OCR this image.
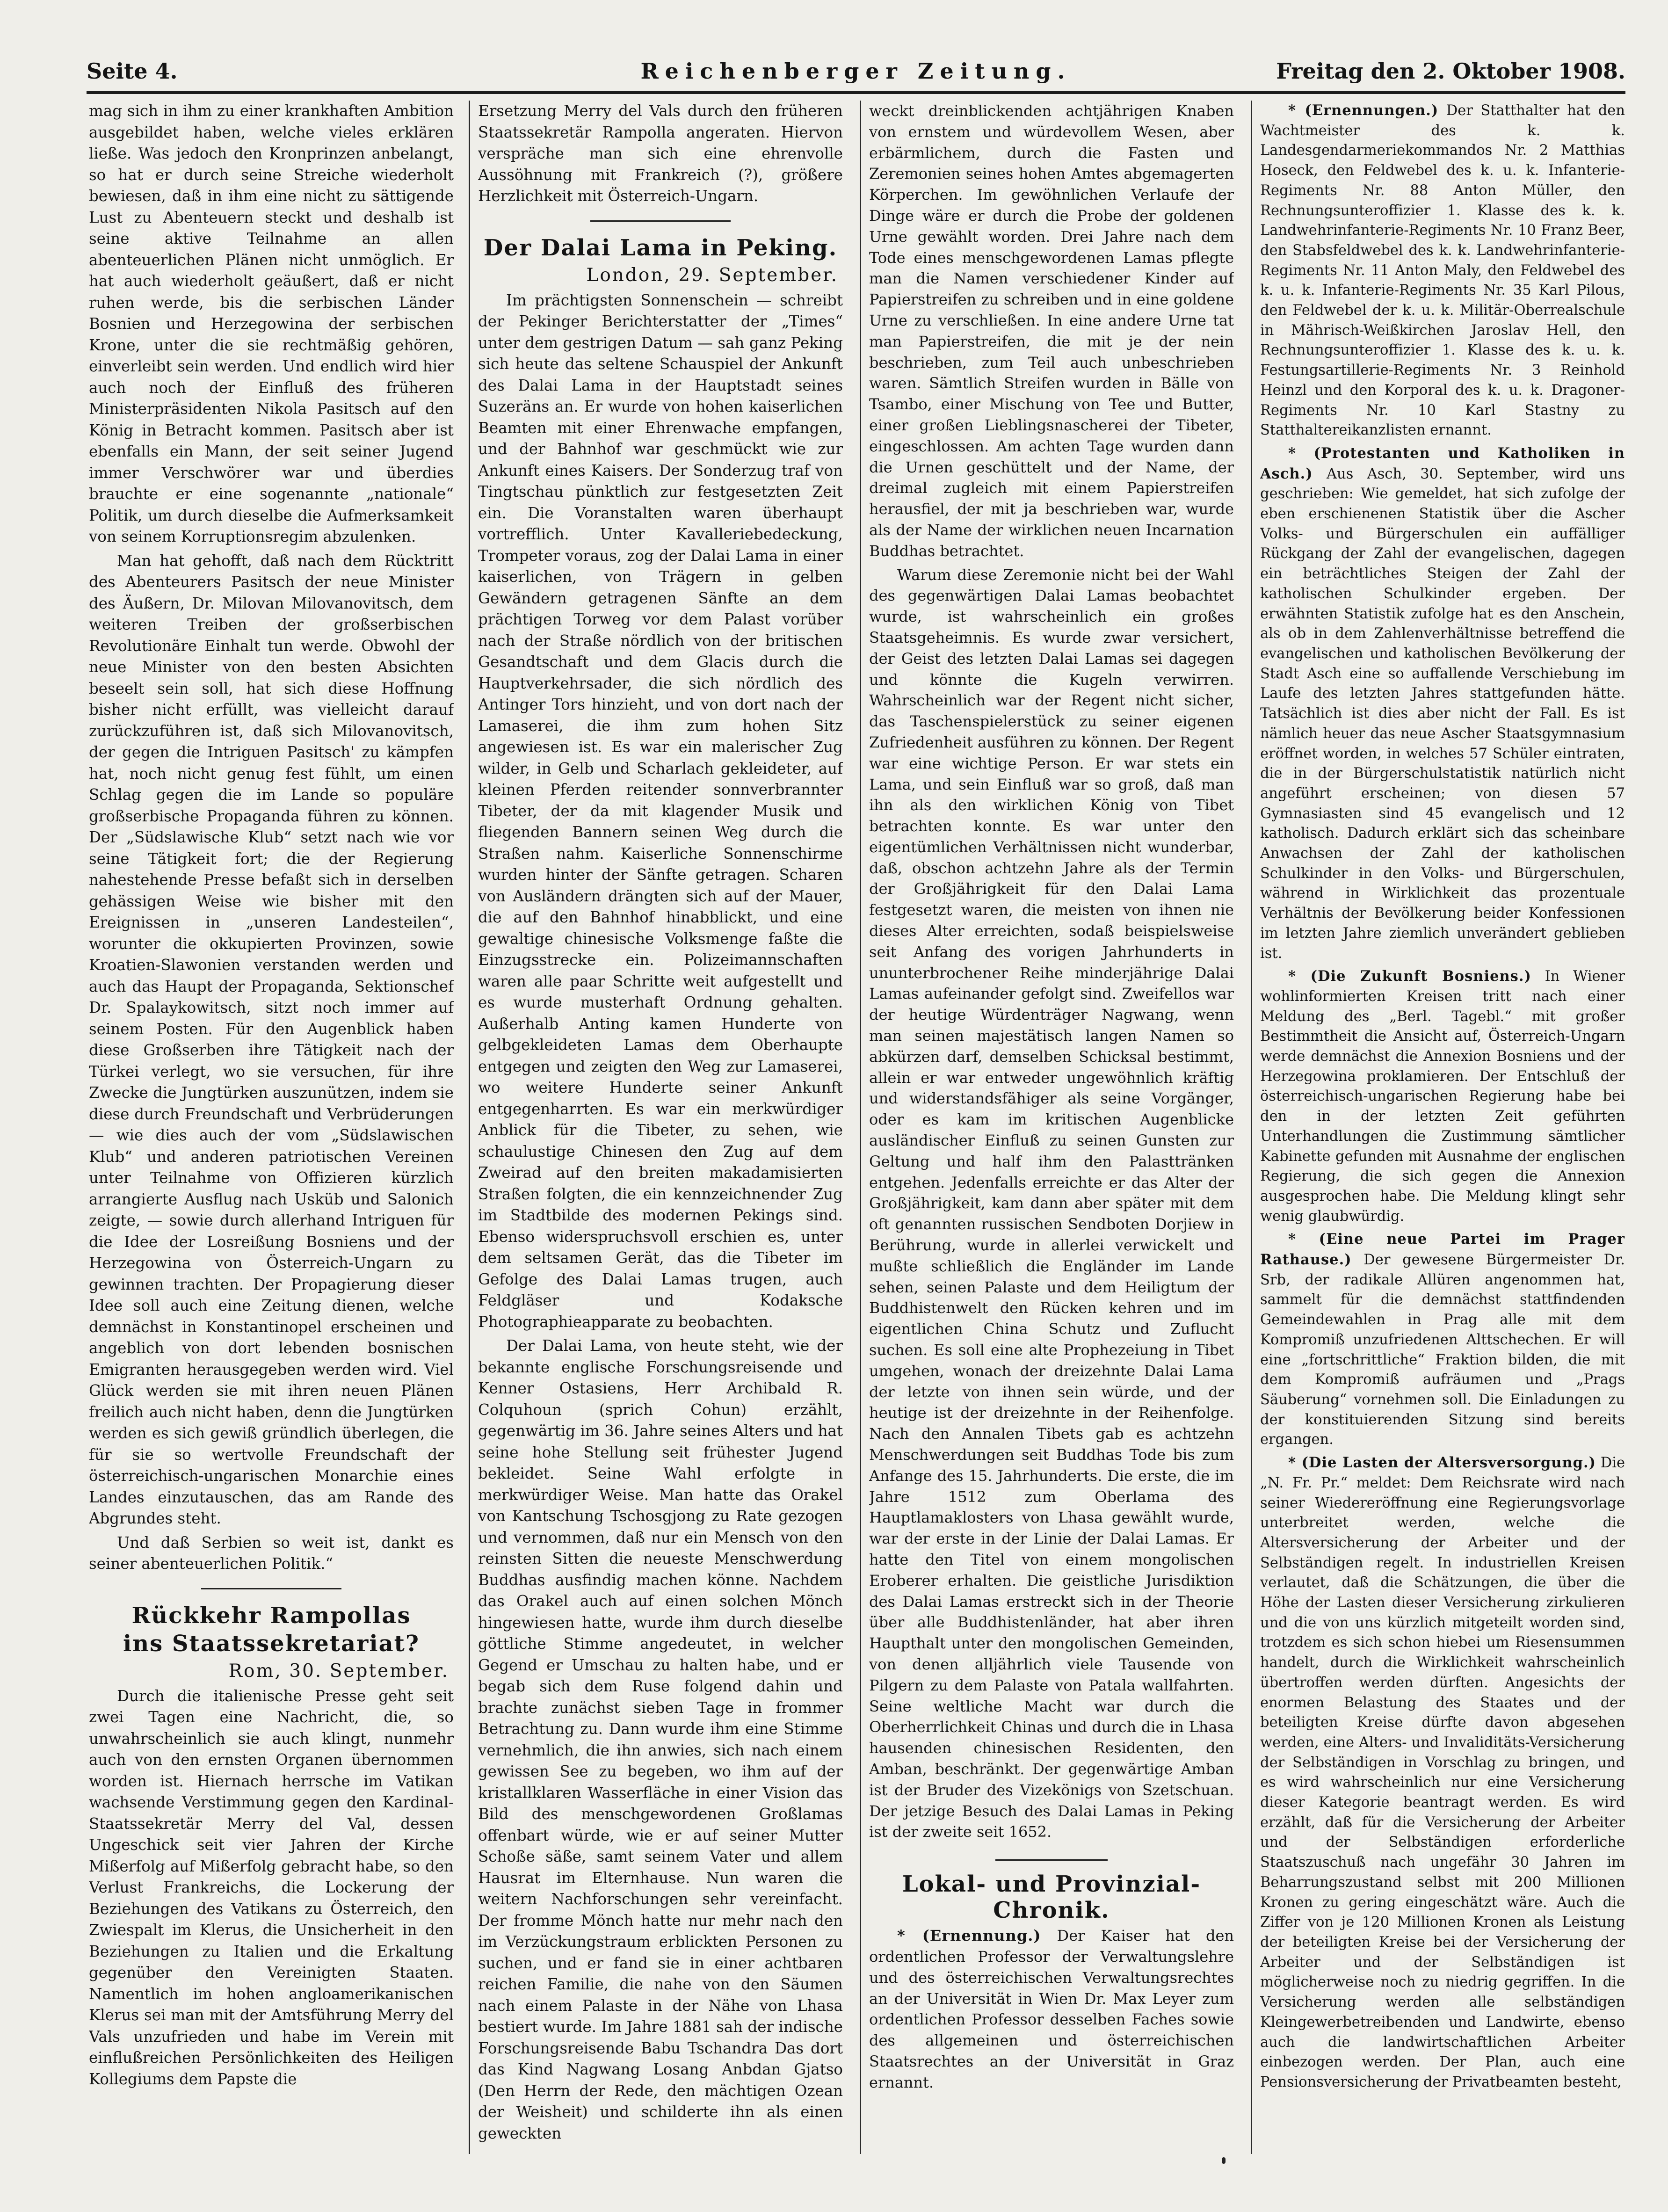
Seite 4.	Reichenberger Zeitung.	Freitag den 2. Oktober 1908.

mag sich in ihm zu einer krankhaften Ambition ausgebildet haben, welche vieles erklären ließe. Was jedoch den Kronprinzen anbelangt, so hat er durch seine Streiche wiederholt bewiesen, daß in ihm eine nicht zu sättigende Lust zu Abenteuern steckt und deshalb ist seine aktive Teilnahme an allen abenteuerlichen Plänen nicht unmöglich. Er hat auch wiederholt geäußert, daß er nicht ruhen werde, bis die serbischen Länder Bosnien und Herzegowina der serbischen Krone, unter die sie rechtmäßig gehören, einverleibt sein werden. Und endlich wird hier auch noch der Einfluß des früheren Ministerpräsidenten Nikola Pasitsch auf den König in Betracht kommen. Pasitsch aber ist ebenfalls ein Mann, der seit seiner Jugend immer Verschwörer war und überdies brauchte er eine sogenannte „nationale“ Politik, um durch dieselbe die Aufmerksamkeit von seinem Korruptionsregim abzulenken.

Man hat gehofft, daß nach dem Rücktritt des Abenteurers Pasitsch der neue Minister des Äußern, Dr. Milovan Milovanovitsch, dem weiteren Treiben der großserbischen Revolutionäre Einhalt tun werde. Obwohl der neue Minister von den besten Absichten beseelt sein soll, hat sich diese Hoffnung bisher nicht erfüllt, was vielleicht darauf zurückzuführen ist, daß sich Milovanovitsch, der gegen die Intriguen Pasitsch' zu kämpfen hat, noch nicht genug fest fühlt, um einen Schlag gegen die im Lande so populäre großserbische Propaganda führen zu können. Der „Südslawische Klub“ setzt nach wie vor seine Tätigkeit fort; die der Regierung nahestehende Presse befaßt sich in derselben gehässigen Weise wie bisher mit den Ereignissen in „unseren Landesteilen“, worunter die okkupierten Provinzen, sowie Kroatien-Slawonien verstanden werden und auch das Haupt der Propaganda, Sektionschef Dr. Spalaykowitsch, sitzt noch immer auf seinem Posten. Für den Augenblick haben diese Großserben ihre Tätigkeit nach der Türkei verlegt, wo sie versuchen, für ihre Zwecke die Jungtürken auszunützen, indem sie diese durch Freundschaft und Verbrüderungen — wie dies auch der vom „Südslawischen Klub“ und anderen patriotischen Vereinen unter Teilnahme von Offizieren kürzlich arrangierte Ausflug nach Usküb und Salonich zeigte, — sowie durch allerhand Intriguen für die Idee der Losreißung Bosniens und der Herzegowina von Österreich-Ungarn zu gewinnen trachten. Der Propagierung dieser Idee soll auch eine Zeitung dienen, welche demnächst in Konstantinopel erscheinen und angeblich von dort lebenden bosnischen Emigranten herausgegeben werden wird. Viel Glück werden sie mit ihren neuen Plänen freilich auch nicht haben, denn die Jungtürken werden es sich gewiß gründlich überlegen, die für sie so wertvolle Freundschaft der österreichisch-ungarischen Monarchie eines Landes einzutauschen, das am Rande des Abgrundes steht.

Und daß Serbien so weit ist, dankt es seiner abenteuerlichen Politik.“

Rückkehr Rampollas
ins Staatssekretariat?
Rom, 30. September.

Durch die italienische Presse geht seit zwei Tagen eine Nachricht, die, so unwahrscheinlich sie auch klingt, nunmehr auch von den ernsten Organen übernommen worden ist. Hiernach herrsche im Vatikan wachsende Verstimmung gegen den Kardinal-Staatssekretär Merry del Val, dessen Ungeschick seit vier Jahren der Kirche Mißerfolg auf Mißerfolg gebracht habe, so den Verlust Frankreichs, die Lockerung der Beziehungen des Vatikans zu Österreich, den Zwiespalt im Klerus, die Unsicherheit in den Beziehungen zu Italien und die Erkaltung gegenüber den Vereinigten Staaten. Namentlich im hohen angloamerikanischen Klerus sei man mit der Amtsführung Merry del Vals unzufrieden und habe im Verein mit einflußreichen Persönlichkeiten des Heiligen Kollegiums dem Papste die

Ersetzung Merry del Vals durch den früheren Staatssekretär Rampolla angeraten. Hiervon verspräche man sich eine ehrenvolle Aussöhnung mit Frankreich (?), größere Herzlichkeit mit Österreich-Ungarn.

Der Dalai Lama in Peking.
London, 29. September.

Im prächtigsten Sonnenschein — schreibt der Pekinger Berichterstatter der „Times“ unter dem gestrigen Datum — sah ganz Peking sich heute das seltene Schauspiel der Ankunft des Dalai Lama in der Hauptstadt seines Suzeräns an. Er wurde von hohen kaiserlichen Beamten mit einer Ehrenwache empfangen, und der Bahnhof war geschmückt wie zur Ankunft eines Kaisers. Der Sonderzug traf von Tingtschau pünktlich zur festgesetzten Zeit ein. Die Voranstalten waren überhaupt vortrefflich. Unter Kavalleriebedeckung, Trompeter voraus, zog der Dalai Lama in einer kaiserlichen, von Trägern in gelben Gewändern getragenen Sänfte an dem prächtigen Torweg vor dem Palast vorüber nach der Straße nördlich von der britischen Gesandtschaft und dem Glacis durch die Hauptverkehrsader, die sich nördlich des Antinger Tors hinzieht, und von dort nach der Lamaserei, die ihm zum hohen Sitz angewiesen ist. Es war ein malerischer Zug wilder, in Gelb und Scharlach gekleideter, auf kleinen Pferden reitender sonnverbrannter Tibeter, der da mit klagender Musik und fliegenden Bannern seinen Weg durch die Straßen nahm. Kaiserliche Sonnenschirme wurden hinter der Sänfte getragen. Scharen von Ausländern drängten sich auf der Mauer, die auf den Bahnhof hinabblickt, und eine gewaltige chinesische Volksmenge faßte die Einzugsstrecke ein. Polizeimannschaften waren alle paar Schritte weit aufgestellt und es wurde musterhaft Ordnung gehalten. Außerhalb Anting kamen Hunderte von gelbgekleideten Lamas dem Oberhaupte entgegen und zeigten den Weg zur Lamaserei, wo weitere Hunderte seiner Ankunft entgegenharrten. Es war ein merkwürdiger Anblick für die Tibeter, zu sehen, wie schaulustige Chinesen den Zug auf dem Zweirad auf den breiten makadamisierten Straßen folgten, die ein kennzeichnender Zug im Stadtbilde des modernen Pekings sind. Ebenso widerspruchsvoll erschien es, unter dem seltsamen Gerät, das die Tibeter im Gefolge des Dalai Lamas trugen, auch Feldgläser und Kodaksche Photographieapparate zu beobachten.

Der Dalai Lama, von heute steht, wie der bekannte englische Forschungsreisende und Kenner Ostasiens, Herr Archibald R. Colquhoun (sprich Cohun) erzählt, gegenwärtig im 36. Jahre seines Alters und hat seine hohe Stellung seit frühester Jugend bekleidet. Seine Wahl erfolgte in merkwürdiger Weise. Man hatte das Orakel von Kantschung Tschosgjong zu Rate gezogen und vernommen, daß nur ein Mensch von den reinsten Sitten die neueste Menschwerdung Buddhas ausfindig machen könne. Nachdem das Orakel auch auf einen solchen Mönch hingewiesen hatte, wurde ihm durch dieselbe göttliche Stimme angedeutet, in welcher Gegend er Umschau zu halten habe, und er begab sich dem Ruse folgend dahin und brachte zunächst sieben Tage in frommer Betrachtung zu. Dann wurde ihm eine Stimme vernehmlich, die ihn anwies, sich nach einem gewissen See zu begeben, wo ihm auf der kristallklaren Wasserfläche in einer Vision das Bild des menschgewordenen Großlamas offenbart würde, wie er auf seiner Mutter Schoße säße, samt seinem Vater und allem Hausrat im Elternhause. Nun waren die weitern Nachforschungen sehr vereinfacht. Der fromme Mönch hatte nur mehr nach den im Verzückungstraum erblickten Personen zu suchen, und er fand sie in einer achtbaren reichen Familie, die nahe von den Säumen nach einem Palaste in der Nähe von Lhasa bestiert wurde. Im Jahre 1881 sah der indische Forschungsreisende Babu Tschandra Das dort das Kind Nagwang Losang Anbdan Gjatso (Den Herrn der Rede, den mächtigen Ozean der Weisheit) und schilderte ihn als einen geweckten

weckt dreinblickenden achtjährigen Knaben von ernstem und würdevollem Wesen, aber erbärmlichem, durch die Fasten und Zeremonien seines hohen Amtes abgemagerten Körperchen. Im gewöhnlichen Verlaufe der Dinge wäre er durch die Probe der goldenen Urne gewählt worden. Drei Jahre nach dem Tode eines menschgewordenen Lamas pflegte man die Namen verschiedener Kinder auf Papierstreifen zu schreiben und in eine goldene Urne zu verschließen. In eine andere Urne tat man Papierstreifen, die mit je der nein beschrieben, zum Teil auch unbeschrieben waren. Sämtlich Streifen wurden in Bälle von Tsambo, einer Mischung von Tee und Butter, einer großen Lieblingsnascherei der Tibeter, eingeschlossen. Am achten Tage wurden dann die Urnen geschüttelt und der Name, der dreimal zugleich mit einem Papierstreifen herausfiel, der mit ja beschrieben war, wurde als der Name der wirklichen neuen Incarnation Buddhas betrachtet.

Warum diese Zeremonie nicht bei der Wahl des gegenwärtigen Dalai Lamas beobachtet wurde, ist wahrscheinlich ein großes Staatsgeheimnis. Es wurde zwar versichert, der Geist des letzten Dalai Lamas sei dagegen und könnte die Kugeln verwirren. Wahrscheinlich war der Regent nicht sicher, das Taschenspielerstück zu seiner eigenen Zufriedenheit ausführen zu können. Der Regent war eine wichtige Person. Er war stets ein Lama, und sein Einfluß war so groß, daß man ihn als den wirklichen König von Tibet betrachten konnte. Es war unter den eigentümlichen Verhältnissen nicht wunderbar, daß, obschon achtzehn Jahre als der Termin der Großjährigkeit für den Dalai Lama festgesetzt waren, die meisten von ihnen nie dieses Alter erreichten, sodaß beispielsweise seit Anfang des vorigen Jahrhunderts in ununterbrochener Reihe minderjährige Dalai Lamas aufeinander gefolgt sind. Zweifellos war der heutige Würdenträger Nagwang, wenn man seinen majestätisch langen Namen so abkürzen darf, demselben Schicksal bestimmt, allein er war entweder ungewöhnlich kräftig und widerstandsfähiger als seine Vorgänger, oder es kam im kritischen Augenblicke ausländischer Einfluß zu seinen Gunsten zur Geltung und half ihm den Palasttränken entgehen. Jedenfalls erreichte er das Alter der Großjährigkeit, kam dann aber später mit dem oft genannten russischen Sendboten Dorjiew in Berührung, wurde in allerlei verwickelt und mußte schließlich die Engländer im Lande sehen, seinen Palaste und dem Heiligtum der Buddhistenwelt den Rücken kehren und im eigentlichen China Schutz und Zuflucht suchen. Es soll eine alte Prophezeiung in Tibet umgehen, wonach der dreizehnte Dalai Lama der letzte von ihnen sein würde, und der heutige ist der dreizehnte in der Reihenfolge. Nach den Annalen Tibets gab es achtzehn Menschwerdungen seit Buddhas Tode bis zum Anfange des 15. Jahrhunderts. Die erste, die im Jahre 1512 zum Oberlama des Hauptlamaklosters von Lhasa gewählt wurde, war der erste in der Linie der Dalai Lamas. Er hatte den Titel von einem mongolischen Eroberer erhalten. Die geistliche Jurisdiktion des Dalai Lamas erstreckt sich in der Theorie über alle Buddhistenländer, hat aber ihren Haupthalt unter den mongolischen Gemeinden, von denen alljährlich viele Tausende von Pilgern zu dem Palaste von Patala wallfahrten. Seine weltliche Macht war durch die Oberherrlichkeit Chinas und durch die in Lhasa hausenden chinesischen Residenten, den Amban, beschränkt. Der gegenwärtige Amban ist der Bruder des Vizekönigs von Szetschuan. Der jetzige Besuch des Dalai Lamas in Peking ist der zweite seit 1652.

Lokal- und Provinzial-Chronik.

* (Ernennung.) Der Kaiser hat den ordentlichen Professor der Verwaltungslehre und des österreichischen Verwaltungsrechtes an der Universität in Wien Dr. Max Leyer zum ordentlichen Professor desselben Faches sowie des allgemeinen und österreichischen Staatsrechtes an der Universität in Graz ernannt.

* (Ernennungen.) Der Statthalter hat den Wachtmeister des k. k. Landesgendarmeriekommandos Nr. 2 Matthias Hoseck, den Feldwebel des k. u. k. Infanterie-Regiments Nr. 88 Anton Müller, den Rechnungsunteroffizier 1. Klasse des k. k. Landwehrinfanterie-Regiments Nr. 10 Franz Beer, den Stabsfeldwebel des k. k. Landwehrinfanterie-Regiments Nr. 11 Anton Maly, den Feldwebel des k. u. k. Infanterie-Regiments Nr. 35 Karl Pilous, den Feldwebel der k. u. k. Militär-Oberrealschule in Mährisch-Weißkirchen Jaroslav Hell, den Rechnungsunteroffizier 1. Klasse des k. u. k. Festungsartillerie-Regiments Nr. 3 Reinhold Heinzl und den Korporal des k. u. k. Dragoner-Regiments Nr. 10 Karl Stastny zu Statthaltereikanzlisten ernannt.

* (Protestanten und Katholiken in Asch.) Aus Asch, 30. September, wird uns geschrieben: Wie gemeldet, hat sich zufolge der eben erschienenen Statistik über die Ascher Volks- und Bürgerschulen ein auffälliger Rückgang der Zahl der evangelischen, dagegen ein beträchtliches Steigen der Zahl der katholischen Schulkinder ergeben. Der erwähnten Statistik zufolge hat es den Anschein, als ob in dem Zahlenverhältnisse betreffend die evangelischen und katholischen Bevölkerung der Stadt Asch eine so auffallende Verschiebung im Laufe des letzten Jahres stattgefunden hätte. Tatsächlich ist dies aber nicht der Fall. Es ist nämlich heuer das neue Ascher Staatsgymnasium eröffnet worden, in welches 57 Schüler eintraten, die in der Bürgerschulstatistik natürlich nicht angeführt erscheinen; von diesen 57 Gymnasiasten sind 45 evangelisch und 12 katholisch. Dadurch erklärt sich das scheinbare Anwachsen der Zahl der katholischen Schulkinder in den Volks- und Bürgerschulen, während in Wirklichkeit das prozentuale Verhältnis der Bevölkerung beider Konfessionen im letzten Jahre ziemlich unverändert geblieben ist.

* (Die Zukunft Bosniens.) In Wiener wohlinformierten Kreisen tritt nach einer Meldung des „Berl. Tagebl.“ mit großer Bestimmtheit die Ansicht auf, Österreich-Ungarn werde demnächst die Annexion Bosniens und der Herzegowina proklamieren. Der Entschluß der österreichisch-ungarischen Regierung habe bei den in der letzten Zeit geführten Unterhandlungen die Zustimmung sämtlicher Kabinette gefunden mit Ausnahme der englischen Regierung, die sich gegen die Annexion ausgesprochen habe. Die Meldung klingt sehr wenig glaubwürdig.

* (Eine neue Partei im Prager Rathause.) Der gewesene Bürgermeister Dr. Srb, der radikale Allüren angenommen hat, sammelt für die demnächst stattfindenden Gemeindewahlen in Prag alle mit dem Kompromiß unzufriedenen Alttschechen. Er will eine „fortschrittliche“ Fraktion bilden, die mit dem Kompromiß aufräumen und „Prags Säuberung“ vornehmen soll. Die Einladungen zu der konstituierenden Sitzung sind bereits ergangen.

* (Die Lasten der Altersversorgung.) Die „N. Fr. Pr.“ meldet: Dem Reichsrate wird nach seiner Wiedereröffnung eine Regierungsvorlage unterbreitet werden, welche die Altersversicherung der Arbeiter und der Selbständigen regelt. In industriellen Kreisen verlautet, daß die Schätzungen, die über die Höhe der Lasten dieser Versicherung zirkulieren und die von uns kürzlich mitgeteilt worden sind, trotzdem es sich schon hiebei um Riesensummen handelt, durch die Wirklichkeit wahrscheinlich übertroffen werden dürften. Angesichts der enormen Belastung des Staates und der beteiligten Kreise dürfte davon abgesehen werden, eine Alters- und Invaliditäts-Versicherung der Selbständigen in Vorschlag zu bringen, und es wird wahrscheinlich nur eine Versicherung dieser Kategorie beantragt werden. Es wird erzählt, daß für die Versicherung der Arbeiter und der Selbständigen erforderliche Staatszuschuß nach ungefähr 30 Jahren im Beharrungszustand selbst mit 200 Millionen Kronen zu gering eingeschätzt wäre. Auch die Ziffer von je 120 Millionen Kronen als Leistung der beteiligten Kreise bei der Versicherung der Arbeiter und der Selbständigen ist möglicherweise noch zu niedrig gegriffen. In die Versicherung werden alle selbständigen Kleingewerbetreibenden und Landwirte, ebenso auch die landwirtschaftlichen Arbeiter einbezogen werden. Der Plan, auch eine Pensionsversicherung der Privatbeamten besteht,
